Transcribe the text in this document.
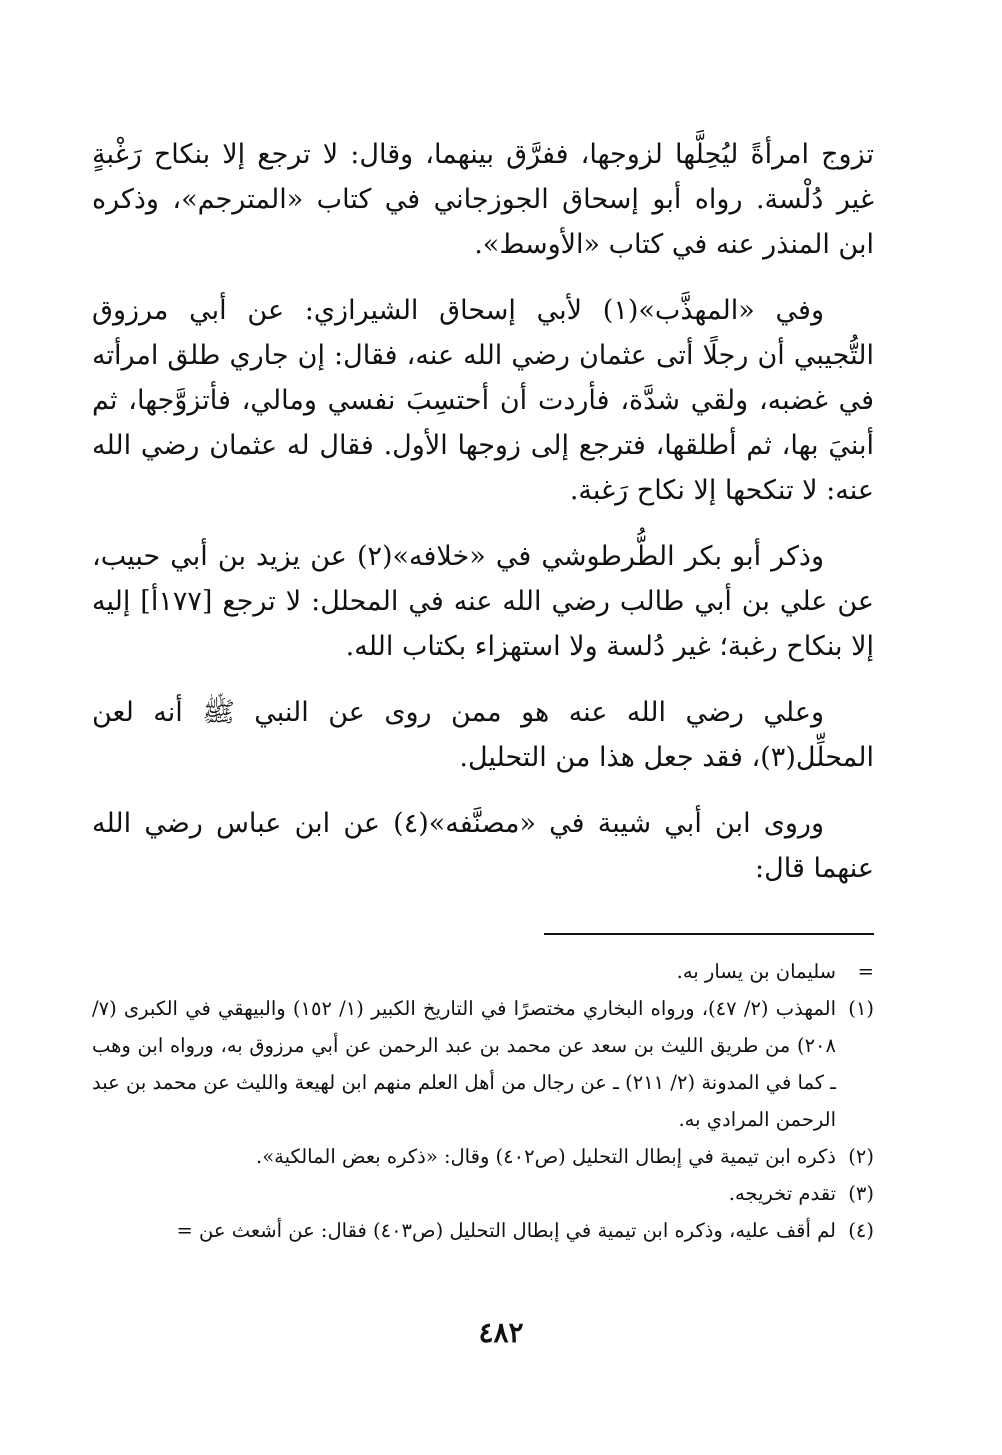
تزوج امرأةً ليُحِلَّها لزوجها، ففرَّق بينهما، وقال: لا ترجع إلا بنكاح رَغْبةٍ غير دُلْسة. رواه أبو إسحاق الجوزجاني في كتاب «المترجم»، وذكره ابن المنذر عنه في كتاب «الأوسط».

وفي «المهذَّب»(١) لأبي إسحاق الشيرازي: عن أبي مرزوق التُّجيبي أن رجلًا أتى عثمان رضي الله عنه، فقال: إن جاري طلق امرأته في غضبه، ولقي شدَّة، فأردت أن أحتسِبَ نفسي ومالي، فأتزوَّجها، ثم أبنيَ بها، ثم أطلقها، فترجع إلى زوجها الأول. فقال له عثمان رضي الله عنه: لا تنكحها إلا نكاح رَغبة.

وذكر أبو بكر الطُّرطوشي في «خلافه»(٢) عن يزيد بن أبي حبيب، عن علي بن أبي طالب رضي الله عنه في المحلل: لا ترجع [١٧٧أ] إليه إلا بنكاح رغبة؛ غير دُلسة ولا استهزاء بكتاب الله.

وعلي رضي الله عنه هو ممن روى عن النبي ﷺ أنه لعن المحلِّل(٣)، فقد جعل هذا من التحليل.

وروى ابن أبي شيبة في «مصنَّفه»(٤) عن ابن عباس رضي الله عنهما قال:

=
سليمان بن يسار به.
(١)
المهذب (٢/ ٤٧)، ورواه البخاري مختصرًا في التاريخ الكبير (١/ ١٥٢) والبيهقي في الكبرى (٧/ ٢٠٨) من طريق الليث بن سعد عن محمد بن عبد الرحمن عن أبي مرزوق به، ورواه ابن وهب ـ كما في المدونة (٢/ ٢١١) ـ عن رجال من أهل العلم منهم ابن لهيعة والليث عن محمد بن عبد الرحمن المرادي به.
(٢)
ذكره ابن تيمية في إبطال التحليل (ص٤٠٢) وقال: «ذكره بعض المالكية».
(٣)
تقدم تخريجه.
(٤)
لم أقف عليه، وذكره ابن تيمية في إبطال التحليل (ص٤٠٣) فقال: عن أشعث عن =
٤٨٢
